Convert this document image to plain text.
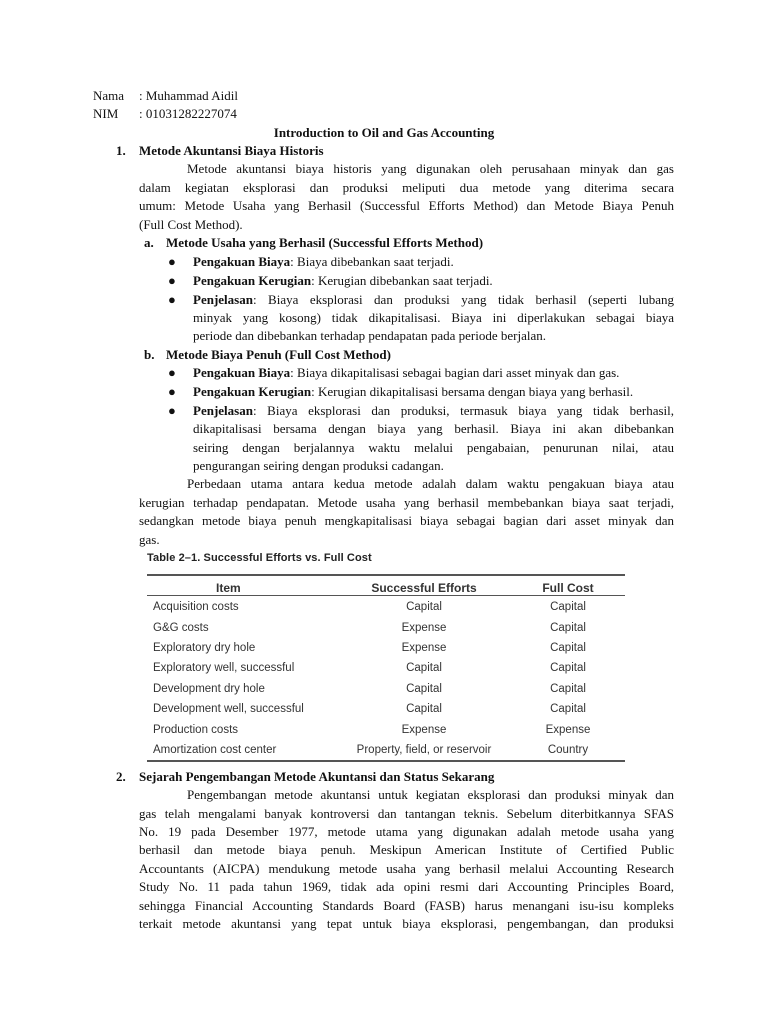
Nama : Muhammad Aidil
NIM : 01031282227074
Introduction to Oil and Gas Accounting
1. Metode Akuntansi Biaya Historis
Metode akuntansi biaya historis yang digunakan oleh perusahaan minyak dan gas
dalam kegiatan eksplorasi dan produksi meliputi dua metode yang diterima secara
umum: Metode Usaha yang Berhasil (Successful Efforts Method) dan Metode Biaya Penuh
(Full Cost Method).
a. Metode Usaha yang Berhasil (Successful Efforts Method)
● Pengakuan Biaya: Biaya dibebankan saat terjadi.
● Pengakuan Kerugian: Kerugian dibebankan saat terjadi.
● Penjelasan: Biaya eksplorasi dan produksi yang tidak berhasil (seperti lubang
minyak yang kosong) tidak dikapitalisasi. Biaya ini diperlakukan sebagai biaya
periode dan dibebankan terhadap pendapatan pada periode berjalan.
b. Metode Biaya Penuh (Full Cost Method)
● Pengakuan Biaya: Biaya dikapitalisasi sebagai bagian dari asset minyak dan gas.
● Pengakuan Kerugian: Kerugian dikapitalisasi bersama dengan biaya yang berhasil.
● Penjelasan: Biaya eksplorasi dan produksi, termasuk biaya yang tidak berhasil,
dikapitalisasi bersama dengan biaya yang berhasil. Biaya ini akan dibebankan
seiring dengan berjalannya waktu melalui pengabaian, penurunan nilai, atau
pengurangan seiring dengan produksi cadangan.
Perbedaan utama antara kedua metode adalah dalam waktu pengakuan biaya atau
kerugian terhadap pendapatan. Metode usaha yang berhasil membebankan biaya saat terjadi,
sedangkan metode biaya penuh mengkapitalisasi biaya sebagai bagian dari asset minyak dan
gas.
Table 2–1. Successful Efforts vs. Full Cost
Item	Successful Efforts	Full Cost
Acquisition costs	Capital	Capital
G&G costs	Expense	Capital
Exploratory dry hole	Expense	Capital
Exploratory well, successful	Capital	Capital
Development dry hole	Capital	Capital
Development well, successful	Capital	Capital
Production costs	Expense	Expense
Amortization cost center	Property, field, or reservoir	Country
2. Sejarah Pengembangan Metode Akuntansi dan Status Sekarang
Pengembangan metode akuntansi untuk kegiatan eksplorasi dan produksi minyak dan
gas telah mengalami banyak kontroversi dan tantangan teknis. Sebelum diterbitkannya SFAS
No. 19 pada Desember 1977, metode utama yang digunakan adalah metode usaha yang
berhasil dan metode biaya penuh. Meskipun American Institute of Certified Public
Accountants (AICPA) mendukung metode usaha yang berhasil melalui Accounting Research
Study No. 11 pada tahun 1969, tidak ada opini resmi dari Accounting Principles Board,
sehingga Financial Accounting Standards Board (FASB) harus menangani isu-isu kompleks
terkait metode akuntansi yang tepat untuk biaya eksplorasi, pengembangan, dan produksi
